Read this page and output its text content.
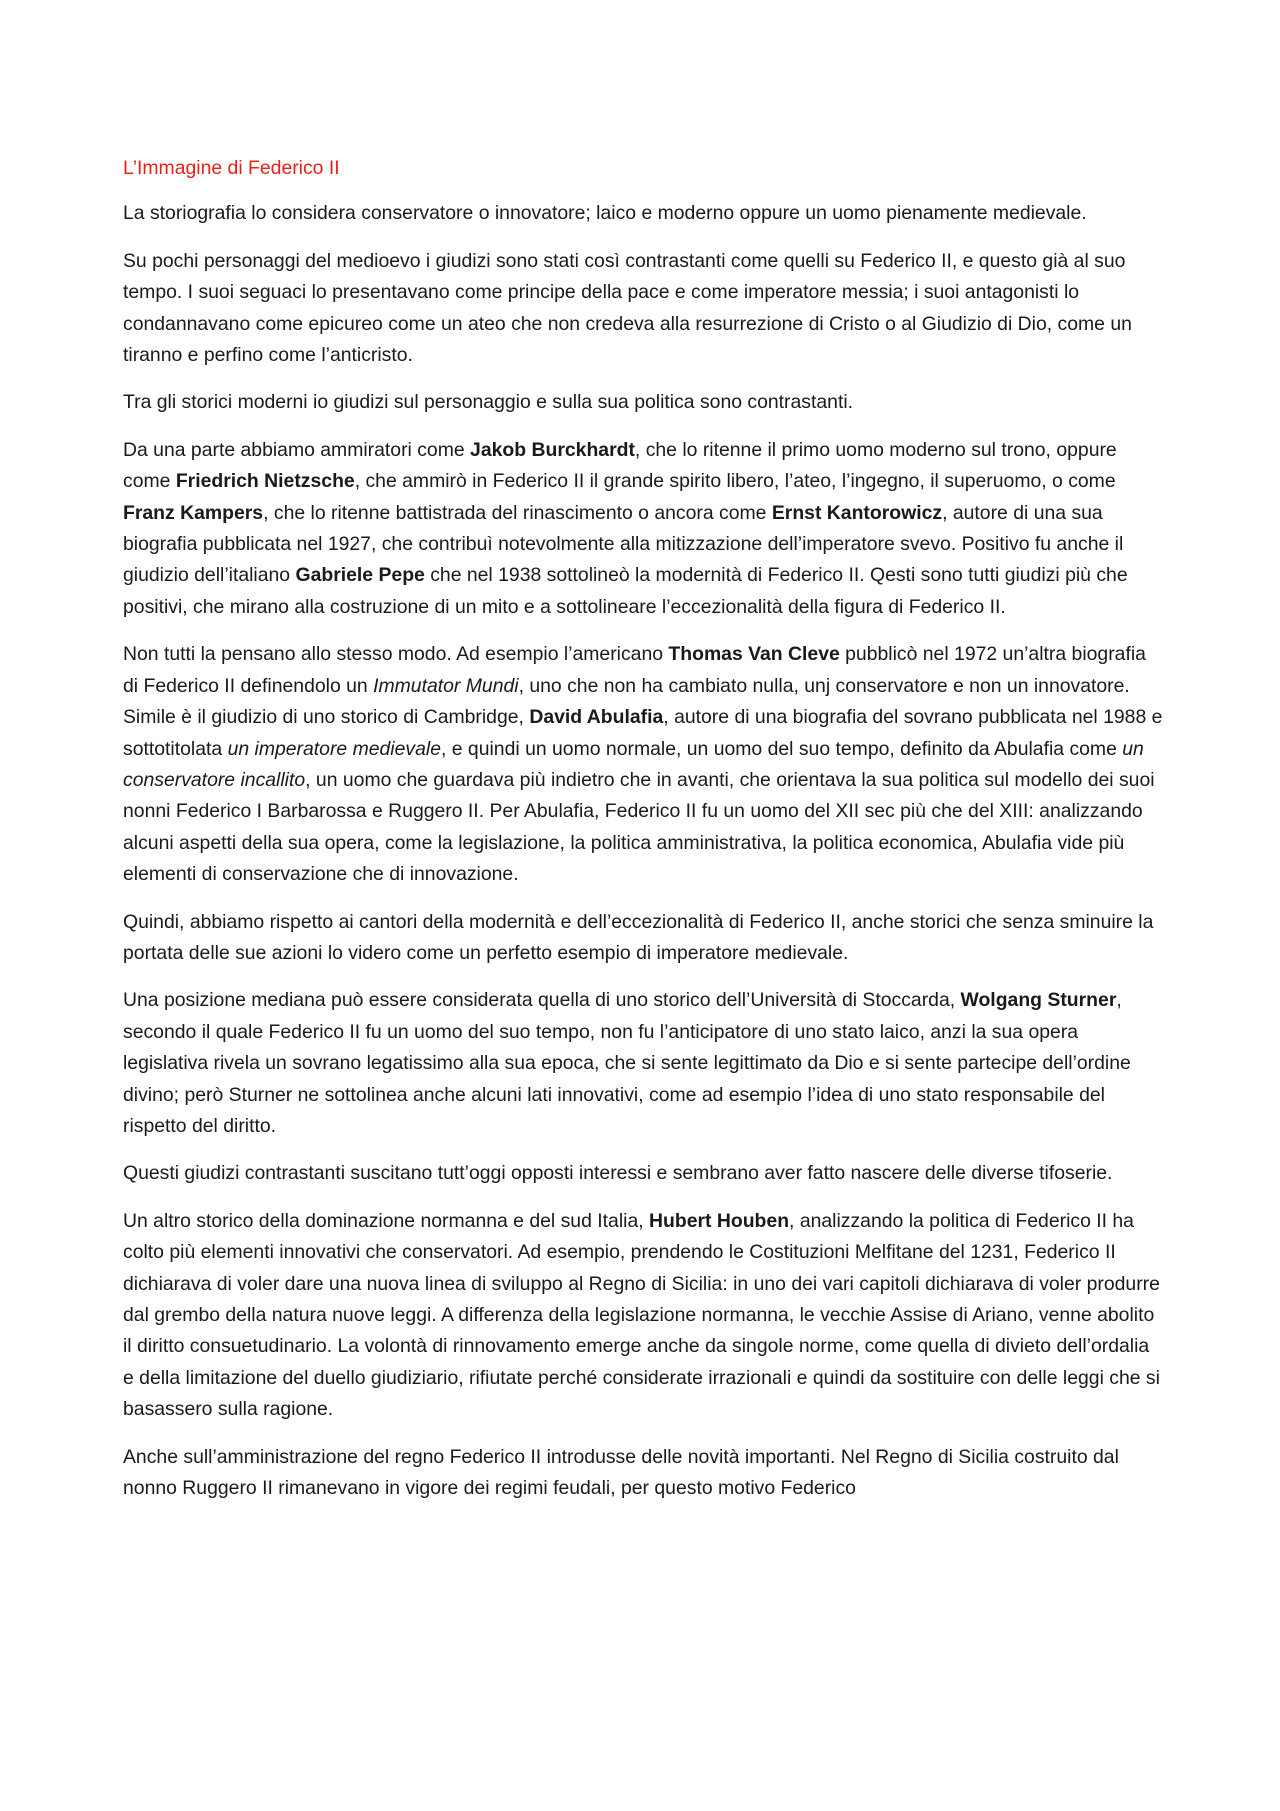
L’Immagine di Federico II

La storiografia lo considera conservatore o innovatore; laico e moderno oppure un uomo pienamente medievale.

Su pochi personaggi del medioevo i giudizi sono stati così contrastanti come quelli su Federico II, e questo già al suo tempo. I suoi seguaci lo presentavano come principe della pace e come imperatore messia; i suoi antagonisti lo condannavano come epicureo come un ateo che non credeva alla resurrezione di Cristo o al Giudizio di Dio, come un tiranno e perfino come l’anticristo.

Tra gli storici moderni io giudizi sul personaggio e sulla sua politica sono contrastanti.

Da una parte abbiamo ammiratori come Jakob Burckhardt, che lo ritenne il primo uomo moderno sul trono, oppure come Friedrich Nietzsche, che ammirò in Federico II il grande spirito libero, l’ateo, l’ingegno, il superuomo, o come Franz Kampers, che lo ritenne battistrada del rinascimento o ancora come Ernst Kantorowicz, autore di una sua biografia pubblicata nel 1927, che contribuì notevolmente alla mitizzazione dell’imperatore svevo. Positivo fu anche il giudizio dell’italiano Gabriele Pepe che nel 1938 sottolineò la modernità di Federico II. Qesti sono tutti giudizi più che positivi, che mirano alla costruzione di un mito e a sottolineare l’eccezionalità della figura di Federico II.

Non tutti la pensano allo stesso modo. Ad esempio l’americano Thomas Van Cleve pubblicò nel 1972 un’altra biografia di Federico II definendolo un Immutator Mundi, uno che non ha cambiato nulla, unj conservatore e non un innovatore. Simile è il giudizio di uno storico di Cambridge, David Abulafia, autore di una biografia del sovrano pubblicata nel 1988 e sottotitolata un imperatore medievale, e quindi un uomo normale, un uomo del suo tempo, definito da Abulafia come un conservatore incallito, un uomo che guardava più indietro che in avanti, che orientava la sua politica sul modello dei suoi nonni Federico I Barbarossa e Ruggero II. Per Abulafia, Federico II fu un uomo del XII sec più che del XIII: analizzando alcuni aspetti della sua opera, come la legislazione, la politica amministrativa, la politica economica, Abulafia vide più elementi di conservazione che di innovazione.

Quindi, abbiamo rispetto ai cantori della modernità e dell’eccezionalità di Federico II, anche storici che senza sminuire la portata delle sue azioni lo videro come un perfetto esempio di imperatore medievale.

Una posizione mediana può essere considerata quella di uno storico dell’Università di Stoccarda, Wolgang Sturner, secondo il quale Federico II fu un uomo del suo tempo, non fu l’anticipatore di uno stato laico, anzi la sua opera legislativa rivela un sovrano legatissimo alla sua epoca, che si sente legittimato da Dio e si sente partecipe dell’ordine divino; però Sturner ne sottolinea anche alcuni lati innovativi, come ad esempio l’idea di uno stato responsabile del rispetto del diritto.

Questi giudizi contrastanti suscitano tutt’oggi opposti interessi e sembrano aver fatto nascere delle diverse tifoserie.

Un altro storico della dominazione normanna e del sud Italia, Hubert Houben, analizzando la politica di Federico II ha colto più elementi innovativi che conservatori. Ad esempio, prendendo le Costituzioni Melfitane del 1231, Federico II dichiarava di voler dare una nuova linea di sviluppo al Regno di Sicilia: in uno dei vari capitoli dichiarava di voler produrre dal grembo della natura nuove leggi. A differenza della legislazione normanna, le vecchie Assise di Ariano, venne abolito il diritto consuetudinario. La volontà di rinnovamento emerge anche da singole norme, come quella di divieto dell’ordalia e della limitazione del duello giudiziario, rifiutate perché considerate irrazionali e quindi da sostituire con delle leggi che si basassero sulla ragione.

Anche sull’amministrazione del regno Federico II introdusse delle novità importanti. Nel Regno di Sicilia costruito dal nonno Ruggero II rimanevano in vigore dei regimi feudali, per questo motivo Federico
